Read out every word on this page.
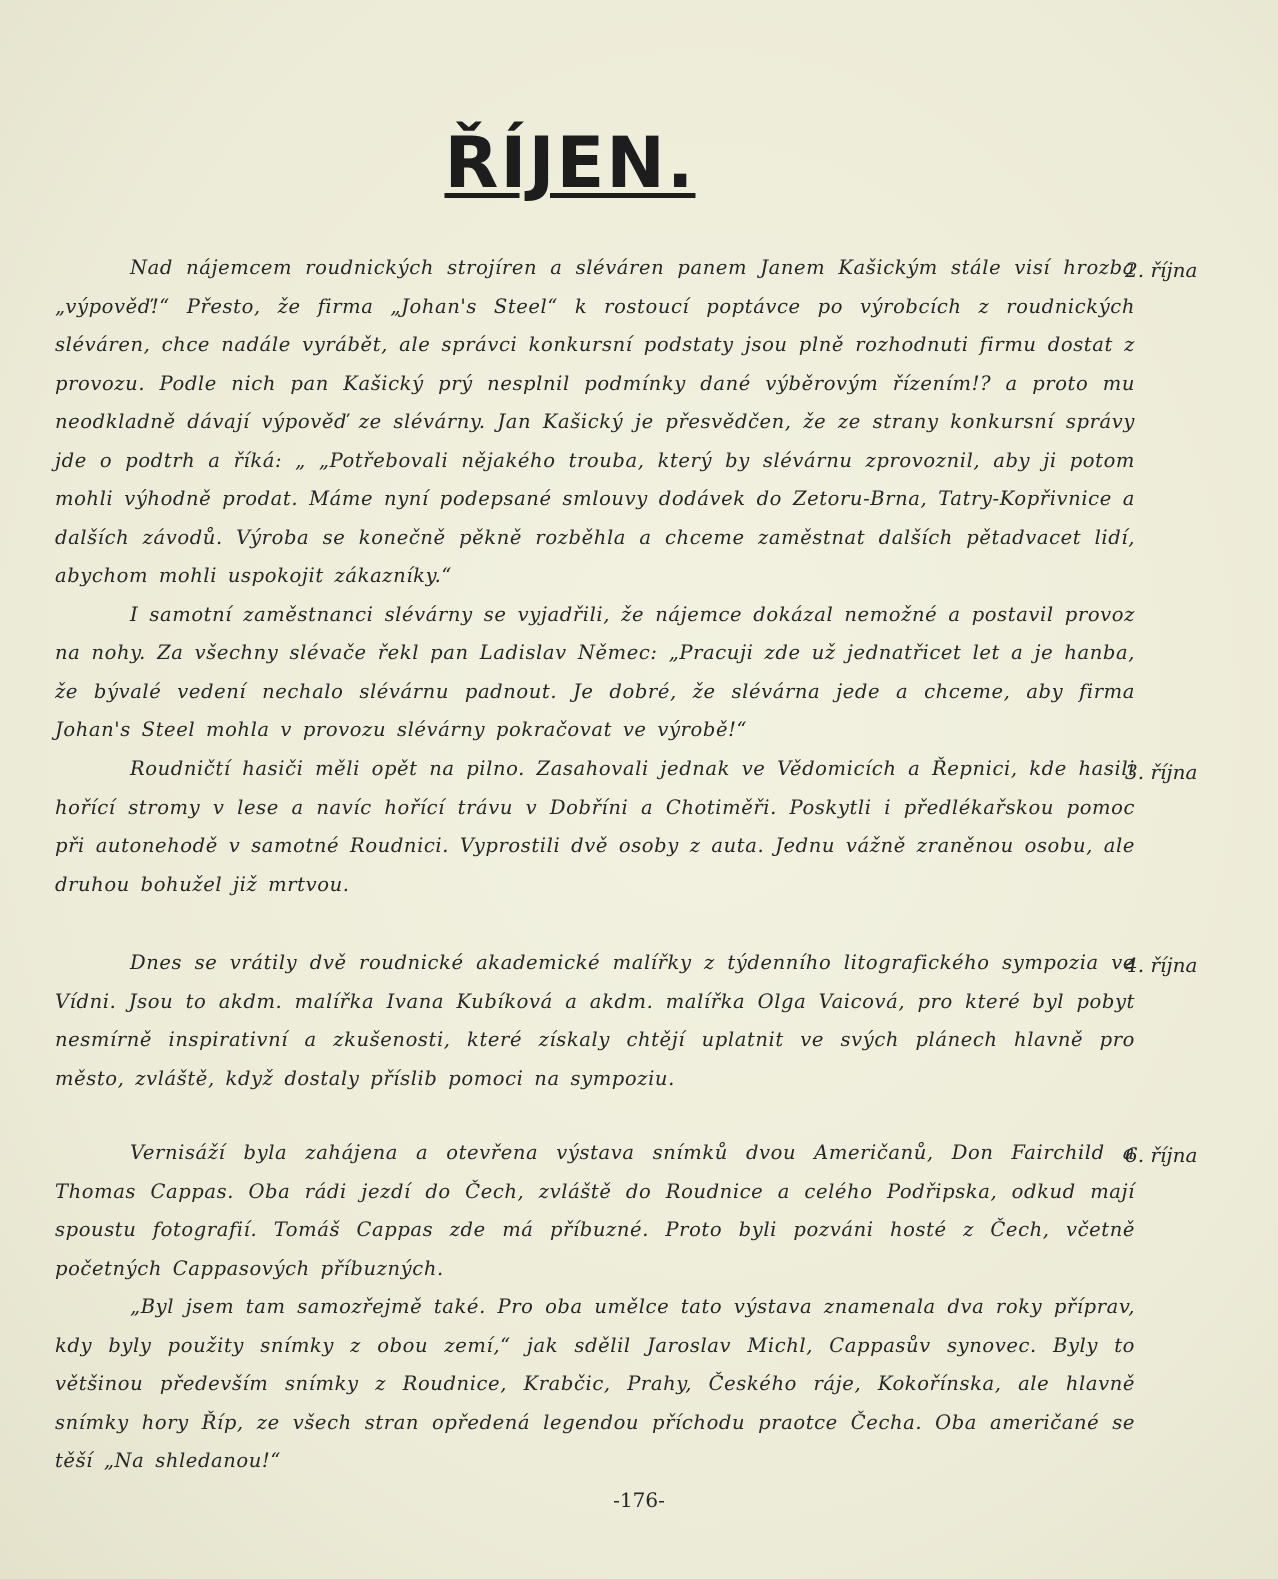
ŘÍJEN.
2. října

Nad nájemcem roudnických strojíren a sléváren panem Janem Kašickým stále visí hrozba „výpověď!“ Přesto, že firma „Johan's Steel“ k rostoucí poptávce po výrobcích z roudnických sléváren, chce nadále vyrábět, ale správci konkursní podstaty jsou plně rozhodnuti firmu dostat z provozu. Podle nich pan Kašický prý nesplnil podmínky dané výběrovým řízením!? a proto mu neodkladně dávají výpověď ze slévárny. Jan Kašický je přesvědčen, že ze strany konkursní správy jde o podtrh a říká: „ „Potřebovali nějakého trouba, který by slévárnu zprovoznil, aby ji potom mohli výhodně prodat. Máme nyní podepsané smlouvy dodávek do Zetoru-Brna, Tatry-Kopřivnice a dalších závodů. Výroba se konečně pěkně rozběhla a chceme zaměstnat dalších pětadvacet lidí, abychom mohli uspokojit zákazníky.“

I samotní zaměstnanci slévárny se vyjadřili, že nájemce dokázal nemožné a postavil provoz na nohy. Za všechny slévače řekl pan Ladislav Němec: „Pracuji zde už jednatřicet let a je hanba, že bývalé vedení nechalo slévárnu padnout. Je dobré, že slévárna jede a chceme, aby firma Johan's Steel mohla v provozu slévárny pokračovat ve výrobě!“

3. října

Roudničtí hasiči měli opět na pilno. Zasahovali jednak ve Vědomicích a Řepnici, kde hasili hořící stromy v lese a navíc hořící trávu v Dobříni a Chotiměři. Poskytli i předlékařskou pomoc při autonehodě v samotné Roudnici. Vyprostili dvě osoby z auta. Jednu vážně zraněnou osobu, ale druhou bohužel již mrtvou.

4. října

Dnes se vrátily dvě roudnické akademické malířky z týdenního litografického sympozia ve Vídni. Jsou to akdm. malířka Ivana Kubíková a akdm. malířka Olga Vaicová, pro které byl pobyt nesmírně inspirativní a zkušenosti, které získaly chtějí uplatnit ve svých plánech hlavně pro město, zvláště, když dostaly příslib pomoci na sympoziu.

6. října

Vernisáží byla zahájena a otevřena výstava snímků dvou Američanů, Don Fairchild a Thomas Cappas. Oba rádi jezdí do Čech, zvláště do Roudnice a celého Podřipska, odkud mají spoustu fotografií. Tomáš Cappas zde má příbuzné. Proto byli pozváni hosté z Čech, včetně početných Cappasových příbuzných.

„Byl jsem tam samozřejmě také. Pro oba umělce tato výstava znamenala dva roky příprav, kdy byly použity snímky z obou zemí,“ jak sdělil Jaroslav Michl, Cappasův synovec. Byly to většinou především snímky z Roudnice, Krabčic, Prahy, Českého ráje, Kokořínska, ale hlavně snímky hory Říp, ze všech stran opředená legendou příchodu praotce Čecha. Oba američané se těší „Na shledanou!“

-176-
